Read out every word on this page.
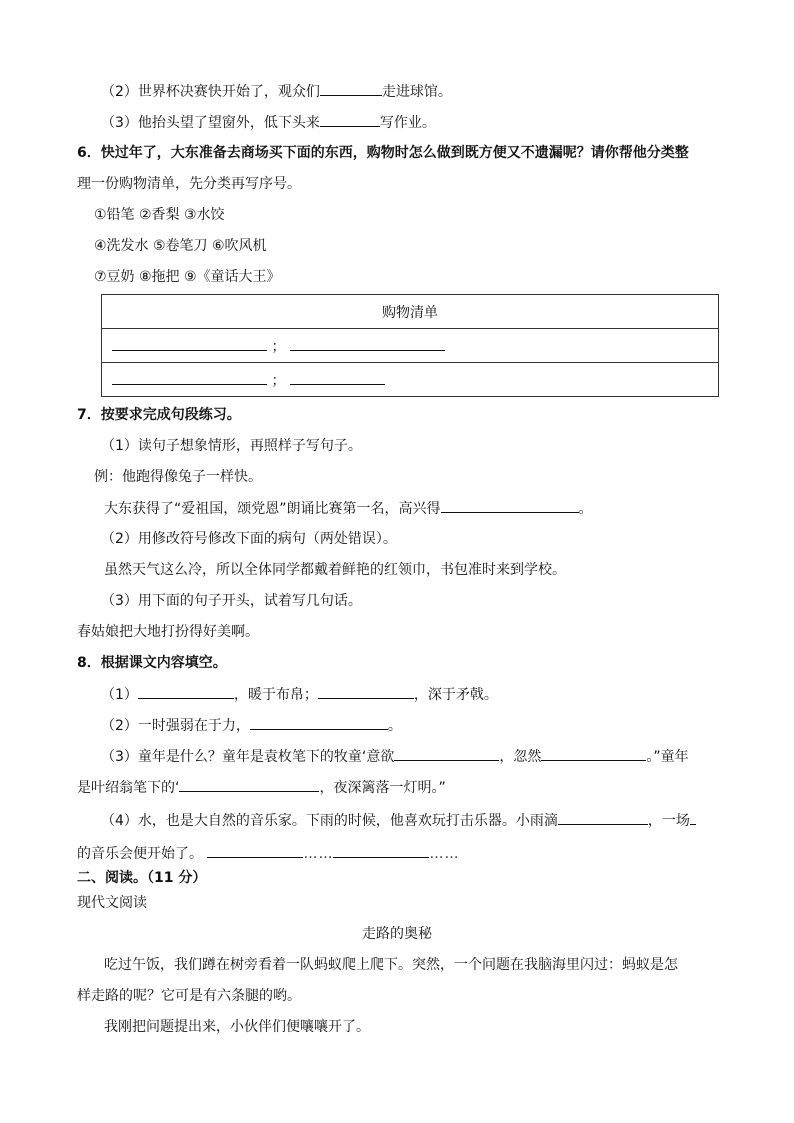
（2）世界杯决赛快开始了，观众们	走进球馆。
（3）他抬头望了望窗外，低下头来	写作业。
6．快过年了，大东准备去商场买下面的东西，购物时怎么做到既方便又不遗漏呢？请你帮他分类整
理一份购物清单，先分类再写序号。
①铅笔 ②香梨 ③水饺
④洗发水 ⑤卷笔刀 ⑥吹风机
⑦豆奶 ⑧拖把 ⑨《童话大王》
购物清单
；
；
7．按要求完成句段练习。
（1）读句子想象情形，再照样子写句子。
例：他跑得像兔子一样快。
大东获得了“爱祖国，颂党恩”朗诵比赛第一名，高兴得	。
（2）用修改符号修改下面的病句（两处错误）。
虽然天气这么冷，所以全体同学都戴着鲜艳的红领巾，书包准时来到学校。
（3）用下面的句子开头，试着写几句话。
春姑娘把大地打扮得好美啊。
8．根据课文内容填空。
（1）	，暖于布帛；	，深于矛戟。
（2）一时强弱在于力，	。
（3）童年是什么？童年是袁枚笔下的牧童‘意欲	，忽然	。”童年
是叶绍翁笔下的‘	，夜深篱落一灯明。”
（4）水，也是大自然的音乐家。下雨的时候，他喜欢玩打击乐器。小雨滴	，一场
的音乐会便开始了。	……	……
二、阅读。（11 分）
现代文阅读
走路的奥秘
吃过午饭，我们蹲在树旁看着一队蚂蚁爬上爬下。突然，一个问题在我脑海里闪过：蚂蚁是怎
样走路的呢？它可是有六条腿的哟。
我刚把问题提出来，小伙伴们便嚷嚷开了。
